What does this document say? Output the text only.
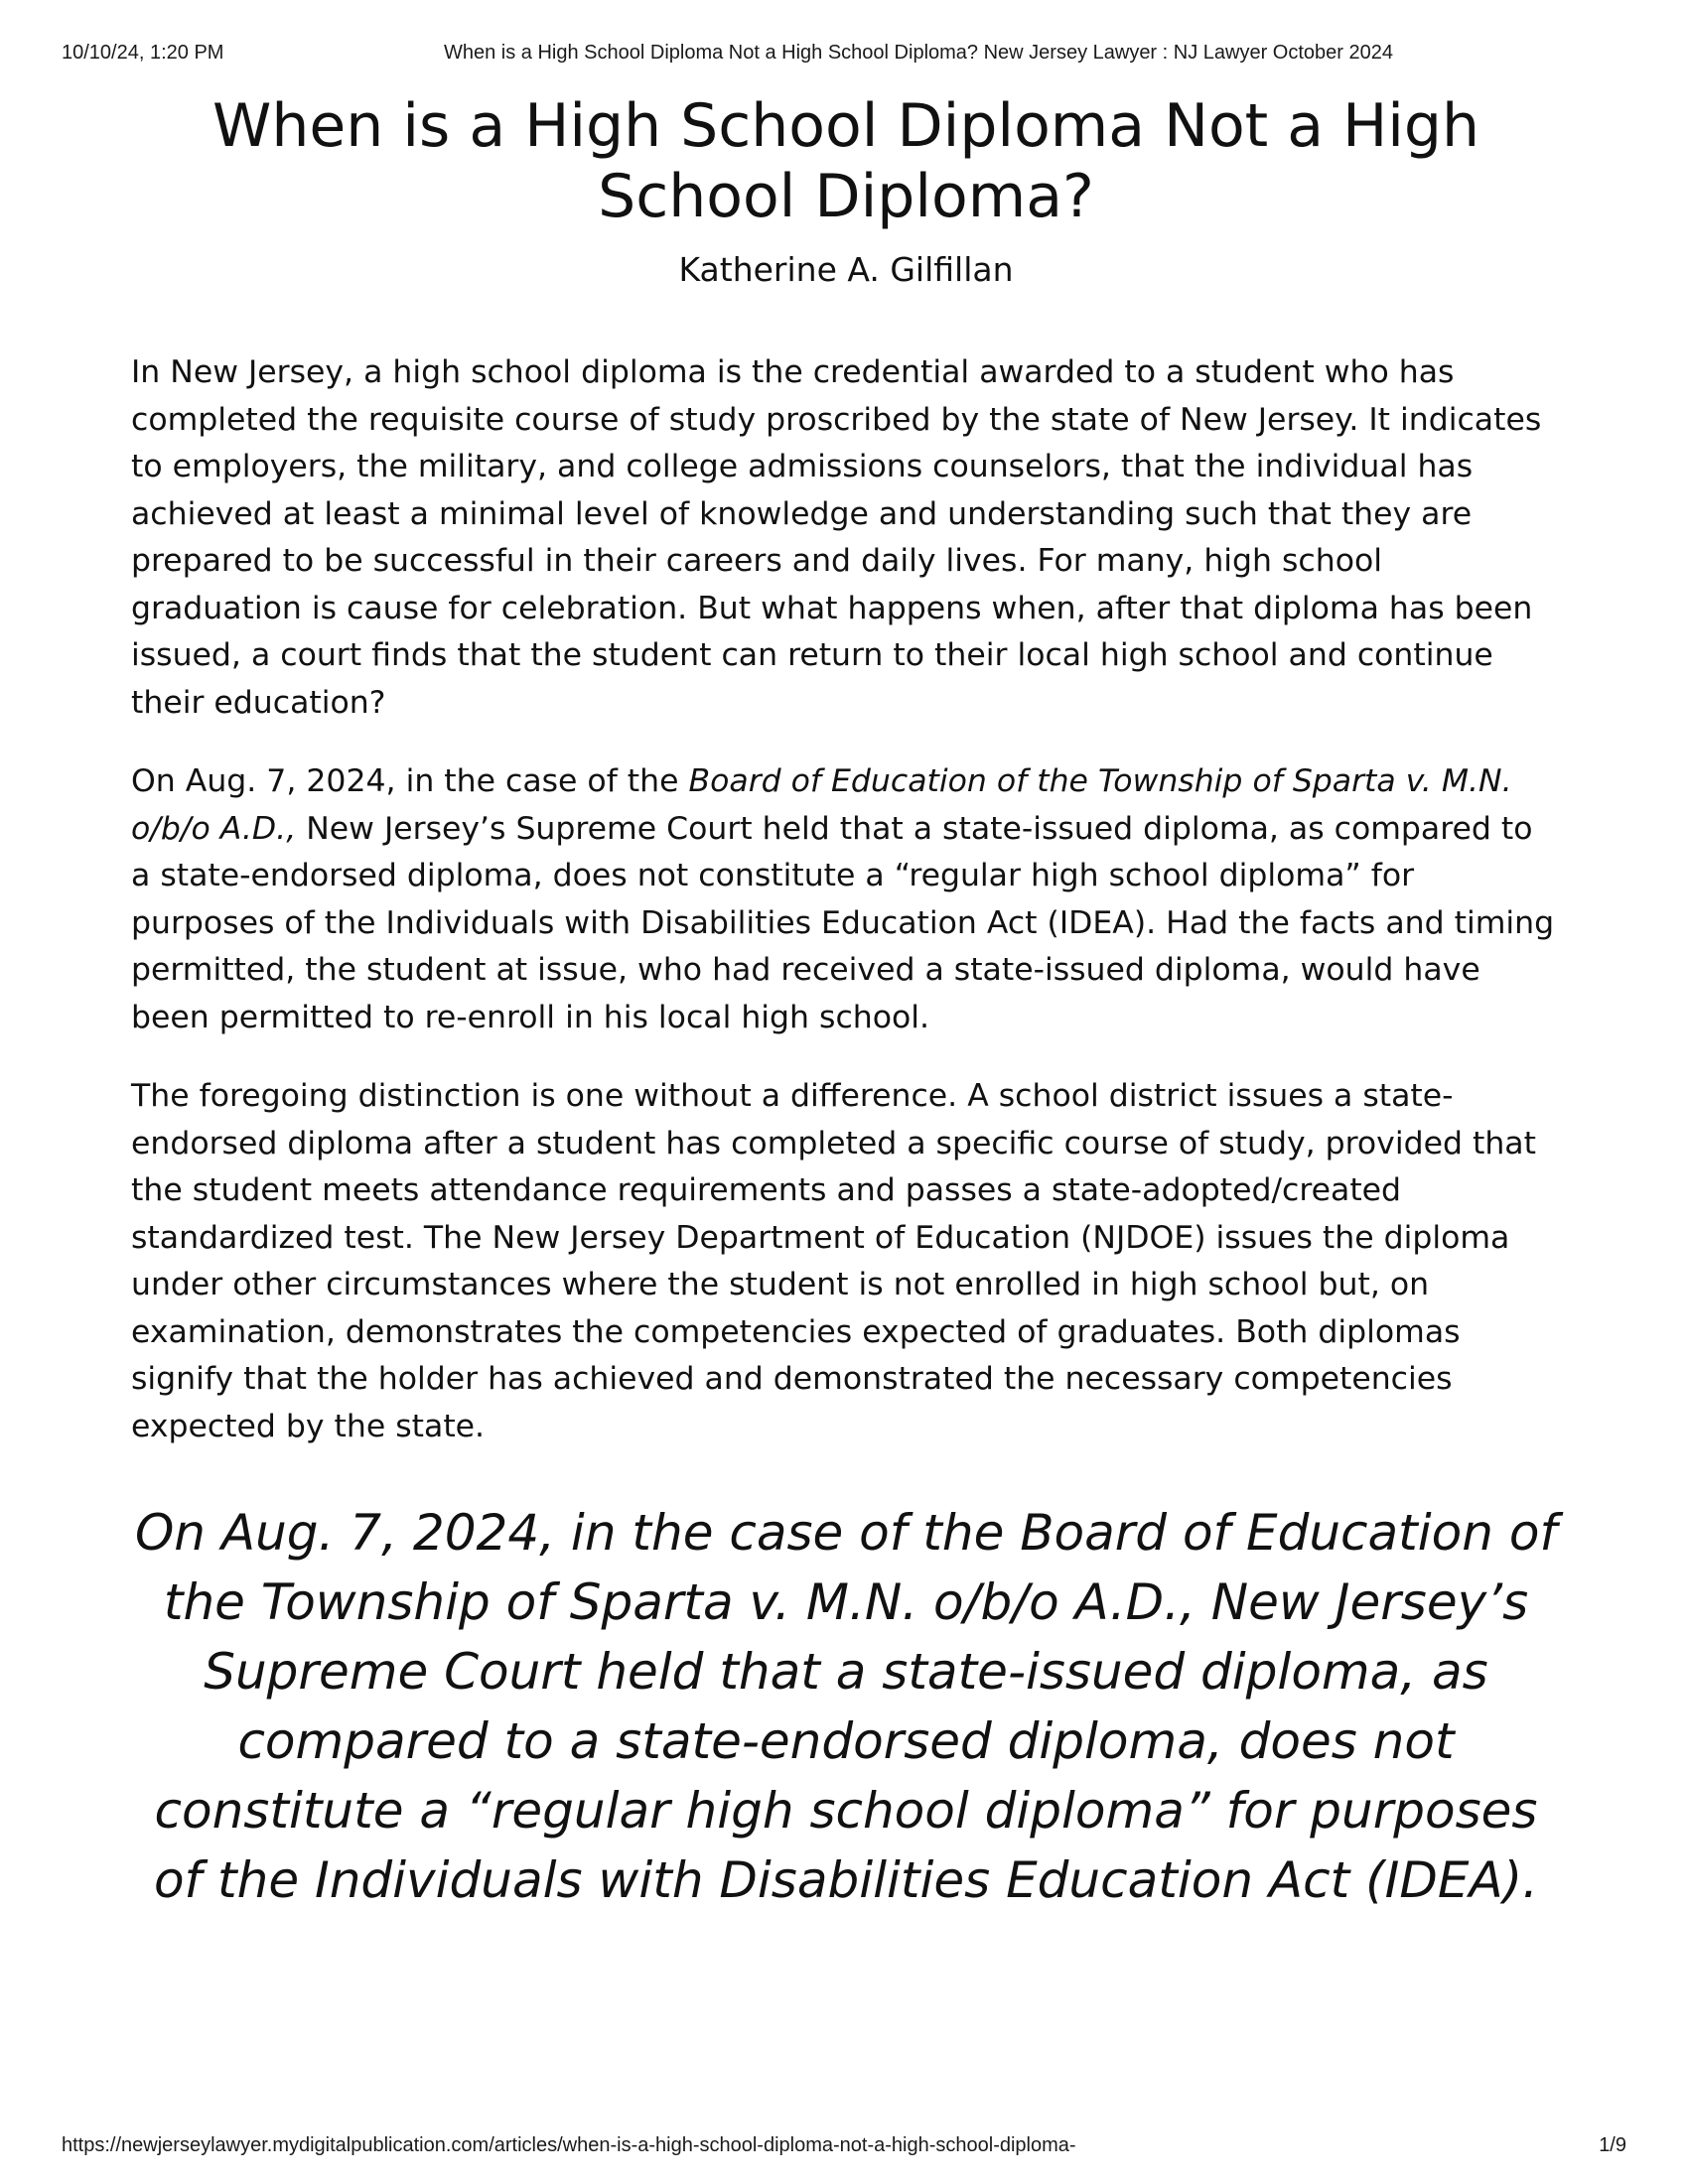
10/10/24, 1:20 PM	When is a High School Diploma Not a High School Diploma? New Jersey Lawyer : NJ Lawyer October 2024
When is a High School Diploma Not a High School Diploma?
Katherine A. Gilfillan

In New Jersey, a high school diploma is the credential awarded to a student who has completed the requisite course of study proscribed by the state of New Jersey. It indicates to employers, the military, and college admissions counselors, that the individual has achieved at least a minimal level of knowledge and understanding such that they are prepared to be successful in their careers and daily lives. For many, high school graduation is cause for celebration. But what happens when, after that diploma has been issued, a court finds that the student can return to their local high school and continue their education?

On Aug. 7, 2024, in the case of the Board of Education of the Township of Sparta v. M.N. o/b/o A.D., New Jersey’s Supreme Court held that a state-issued diploma, as compared to a state-endorsed diploma, does not constitute a “regular high school diploma” for purposes of the Individuals with Disabilities Education Act (IDEA). Had the facts and timing permitted, the student at issue, who had received a state-issued diploma, would have been permitted to re-enroll in his local high school.

The foregoing distinction is one without a difference. A school district issues a state-endorsed diploma after a student has completed a specific course of study, provided that the student meets attendance requirements and passes a state-adopted/created standardized test. The New Jersey Department of Education (NJDOE) issues the diploma under other circumstances where the student is not enrolled in high school but, on examination, demonstrates the competencies expected of graduates. Both diplomas signify that the holder has achieved and demonstrated the necessary competencies expected by the state.

On Aug. 7, 2024, in the case of the Board of Education of the Township of Sparta v. M.N. o/b/o A.D., New Jersey’s Supreme Court held that a state-issued diploma, as compared to a state-endorsed diploma, does not constitute a “regular high school diploma” for purposes of the Individuals with Disabilities Education Act (IDEA).
https://newjerseylawyer.mydigitalpublication.com/articles/when-is-a-high-school-diploma-not-a-high-school-diploma-	1/9
